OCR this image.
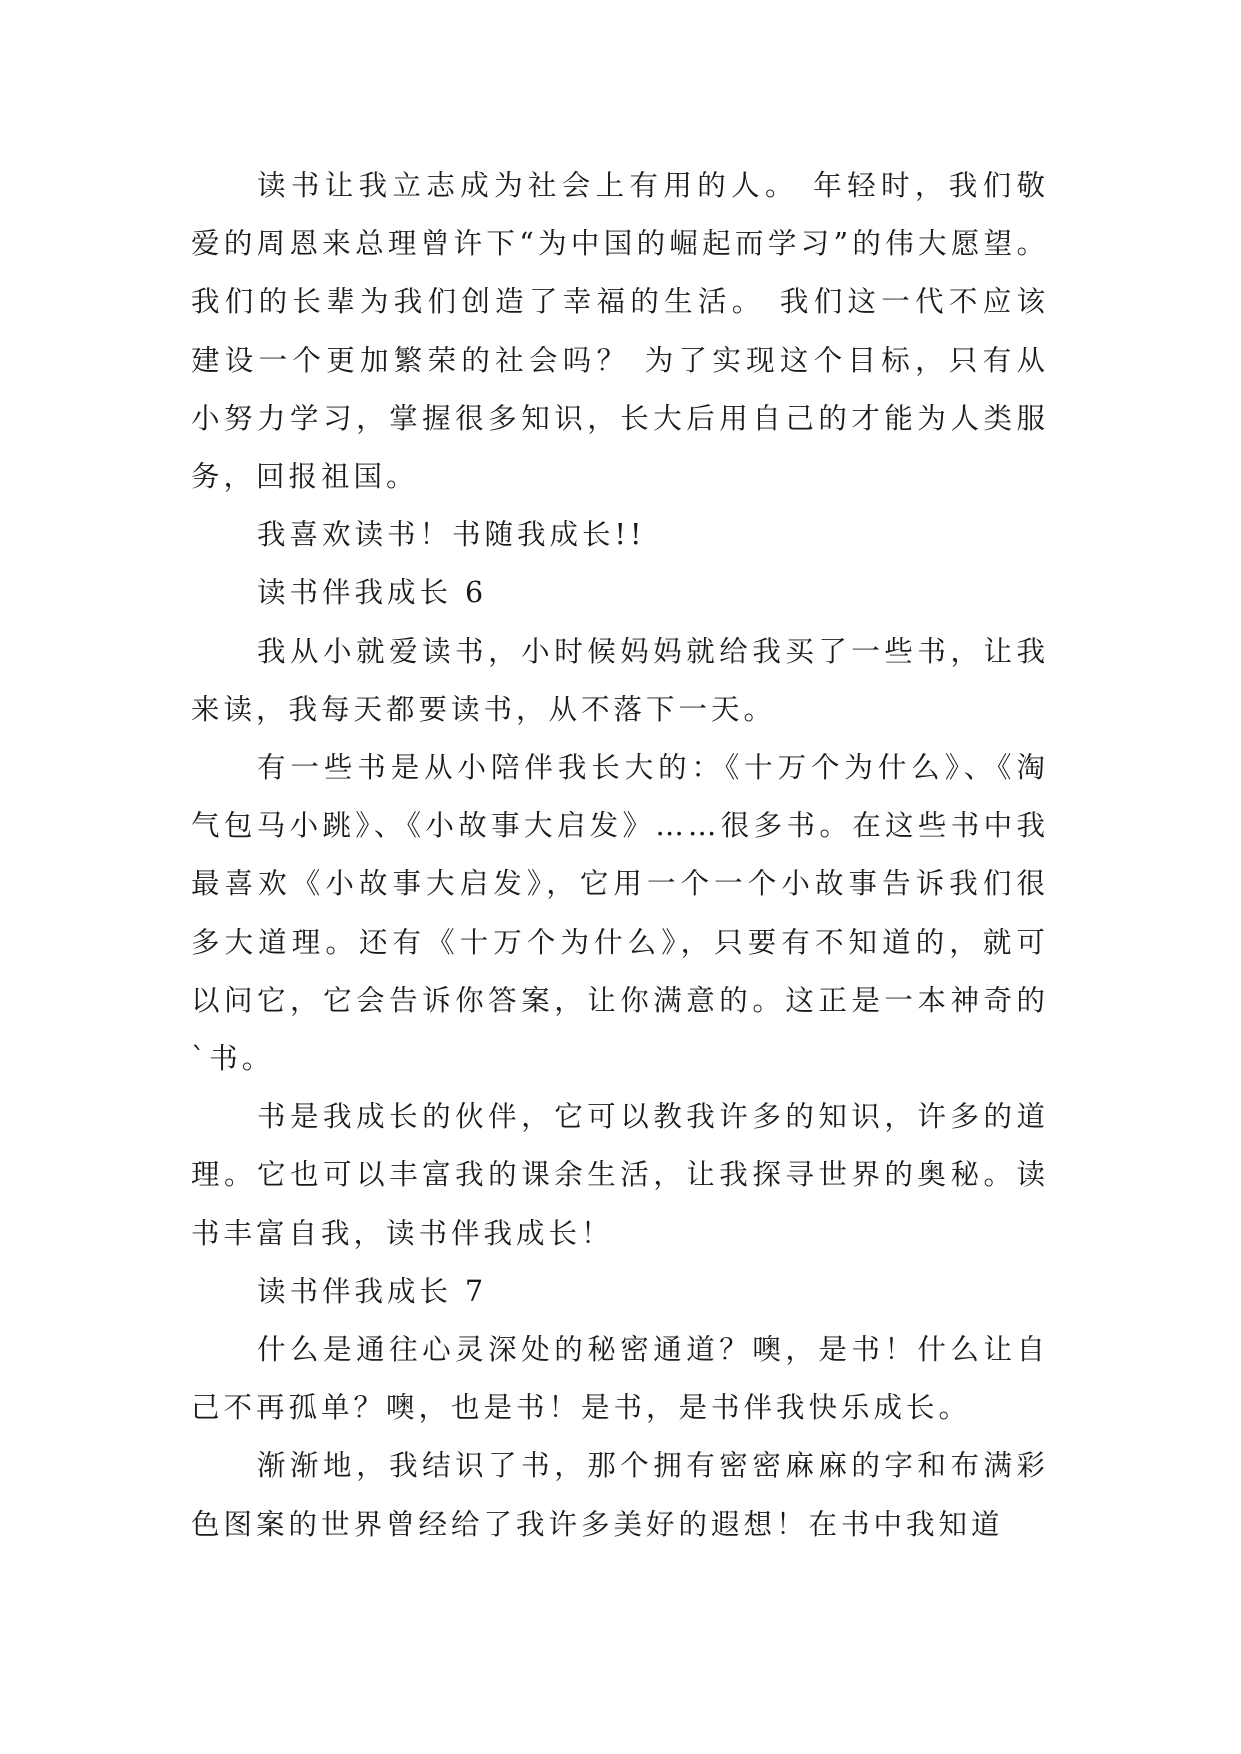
读书让我立志成为社会上有用的人。 年轻时，我们敬爱的周恩来总理曾许下“为中国的崛起而学习”的伟大愿望。我们的长辈为我们创造了幸福的生活。 我们这一代不应该建设一个更加繁荣的社会吗？ 为了实现这个目标，只有从小努力学习，掌握很多知识，长大后用自己的才能为人类服务，回报祖国。

我喜欢读书！书随我成长!!

读书伴我成长 6

我从小就爱读书，小时候妈妈就给我买了一些书，让我来读，我每天都要读书，从不落下一天。

有一些书是从小陪伴我长大的：《十万个为什么》、《淘气包马小跳》、《小故事大启发》……很多书。在这些书中我最喜欢《小故事大启发》，它用一个一个小故事告诉我们很多大道理。还有《十万个为什么》，只要有不知道的，就可以问它，它会告诉你答案，让你满意的。这正是一本神奇的`书。

书是我成长的伙伴，它可以教我许多的知识，许多的道理。它也可以丰富我的课余生活，让我探寻世界的奥秘。读书丰富自我，读书伴我成长！

读书伴我成长 7

什么是通往心灵深处的秘密通道？噢，是书！什么让自己不再孤单？噢，也是书！是书，是书伴我快乐成长。

渐渐地，我结识了书，那个拥有密密麻麻的字和布满彩色图案的世界曾经给了我许多美好的遐想！在书中我知道
